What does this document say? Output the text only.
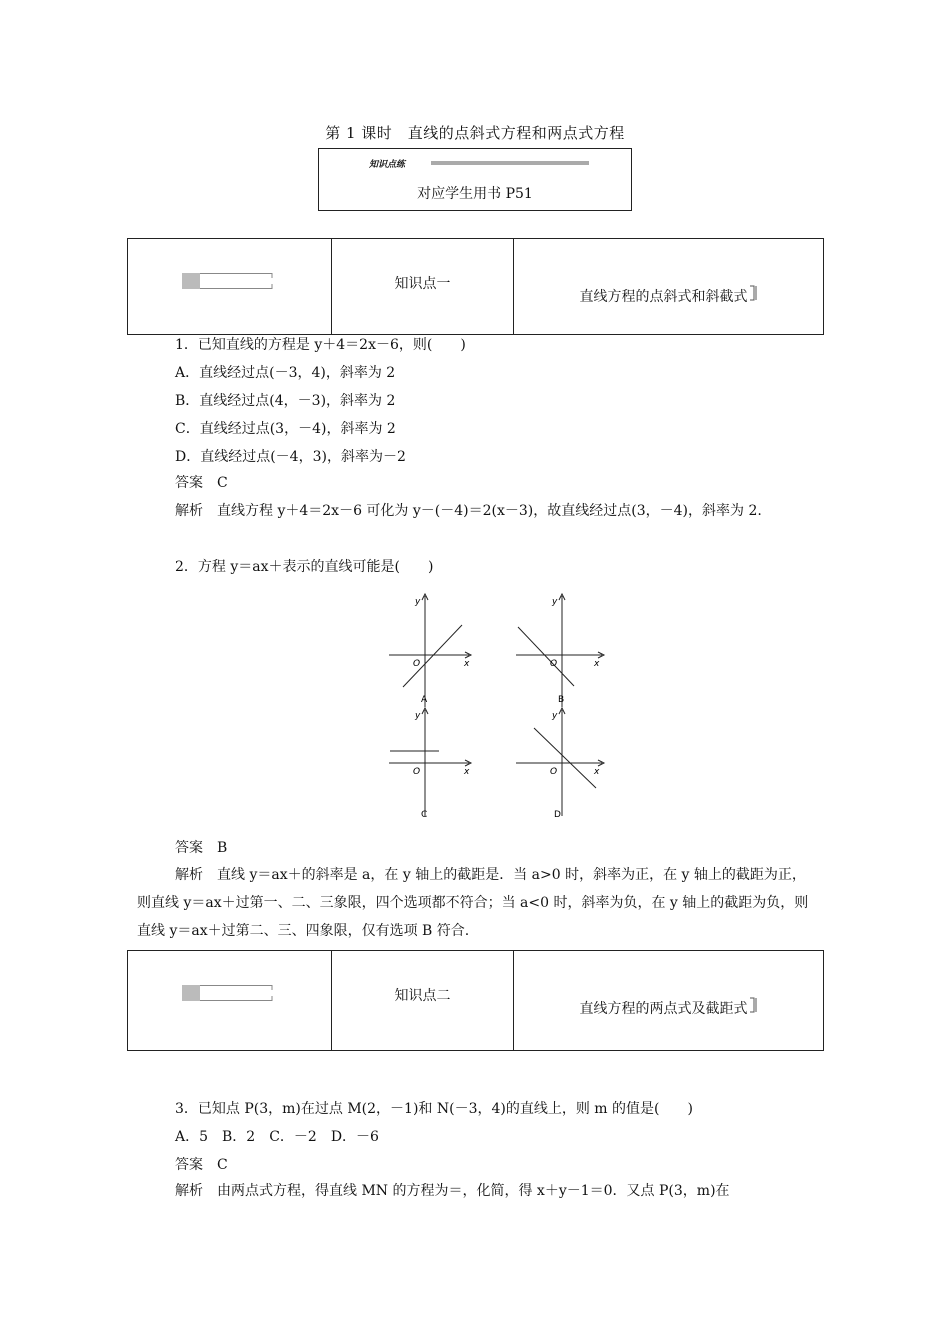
第 1 课时　直线的点斜式方程和两点式方程
知识点练
对应学生用书 P51
	知识点一	直线方程的点斜式和斜截式
1．已知直线的方程是 y＋4＝2x－6，则(　　)
A．直线经过点(－3，4)，斜率为 2
B．直线经过点(4，－3)，斜率为 2
C．直线经过点(3，－4)，斜率为 2
D．直线经过点(－4，3)，斜率为－2
答案　C
解析　直线方程 y＋4＝2x－6 可化为 y－(－4)＝2(x－3)，故直线经过点(3，－4)，斜率为 2.
2．方程 y＝ax＋表示的直线可能是(　　)
y
x
O
A
y
x
O
B
y
x
O
C
y
x
O
D
答案　B
解析　直线 y＝ax＋的斜率是 a，在 y 轴上的截距是．当 a>0 时，斜率为正，在 y 轴上的截距为正，则直线 y＝ax＋过第一、二、三象限，四个选项都不符合；当 a<0 时，斜率为负，在 y 轴上的截距为负，则直线 y＝ax＋过第二、三、四象限，仅有选项 B 符合.
	知识点二	直线方程的两点式及截距式
3．已知点 P(3，m)在过点 M(2，－1)和 N(－3，4)的直线上，则 m 的值是(　　)
A．5　B．2　C．－2　D．－6
答案　C
解析　由两点式方程，得直线 MN 的方程为＝，化简，得 x＋y－1＝0．又点 P(3，m)在
